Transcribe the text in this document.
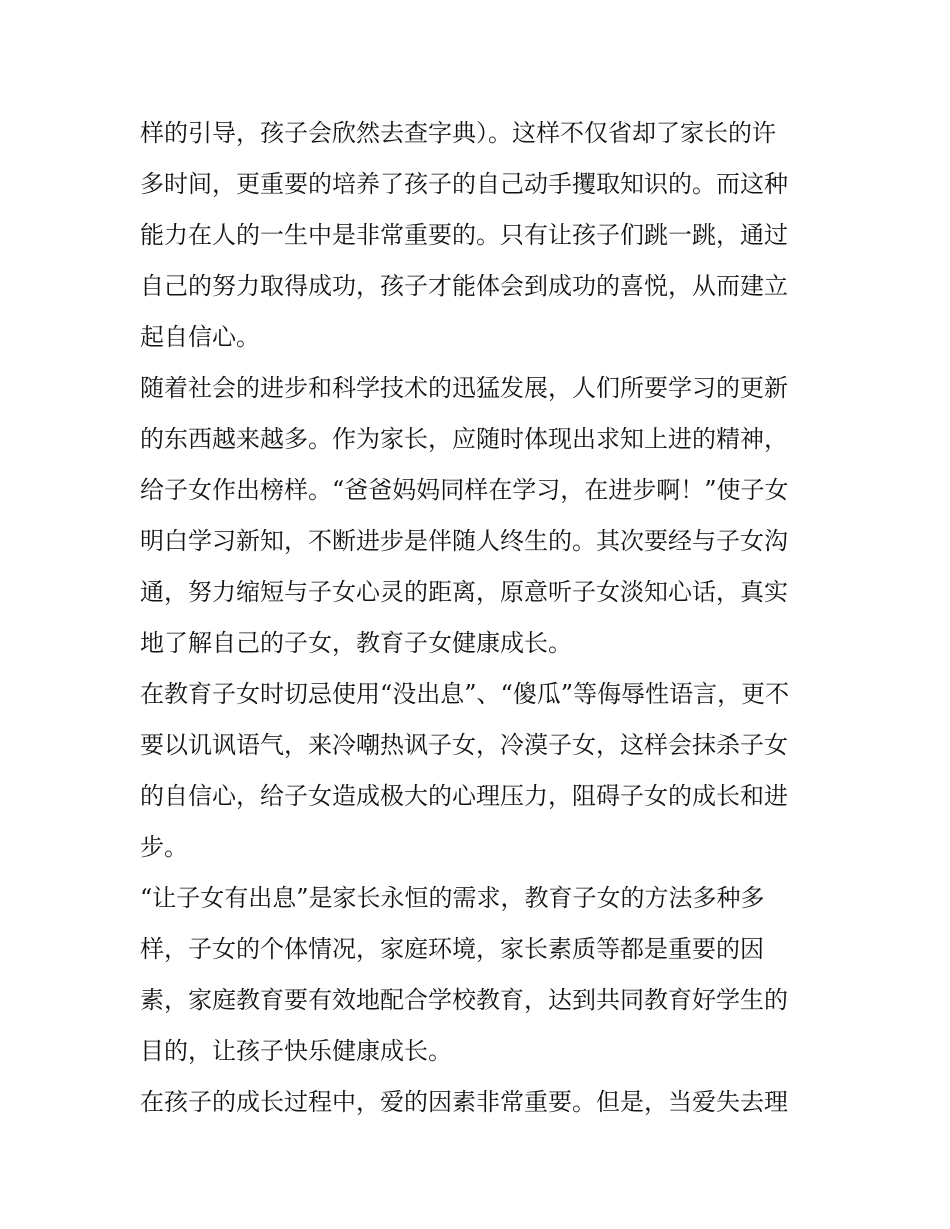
样的引导，孩子会欣然去查字典）。这样不仅省却了家长的许
多时间，更重要的培养了孩子的自己动手攫取知识的。而这种
能力在人的一生中是非常重要的。只有让孩子们跳一跳，通过
自己的努力取得成功，孩子才能体会到成功的喜悦，从而建立
起自信心。
随着社会的进步和科学技术的迅猛发展，人们所要学习的更新
的东西越来越多。作为家长，应随时体现出求知上进的精神，
给子女作出榜样。“爸爸妈妈同样在学习，在进步啊！”使子女
明白学习新知，不断进步是伴随人终生的。其次要经与子女沟
通，努力缩短与子女心灵的距离，原意听子女淡知心话，真实
地了解自己的子女，教育子女健康成长。
在教育子女时切忌使用“没出息”、“傻瓜”等侮辱性语言，更不
要以讥讽语气，来冷嘲热讽子女，冷漠子女，这样会抹杀子女
的自信心，给子女造成极大的心理压力，阻碍子女的成长和进
步。
“让子女有出息”是家长永恒的需求，教育子女的方法多种多
样，子女的个体情况，家庭环境，家长素质等都是重要的因
素，家庭教育要有效地配合学校教育，达到共同教育好学生的
目的，让孩子快乐健康成长。
在孩子的成长过程中，爱的因素非常重要。但是，当爱失去理
